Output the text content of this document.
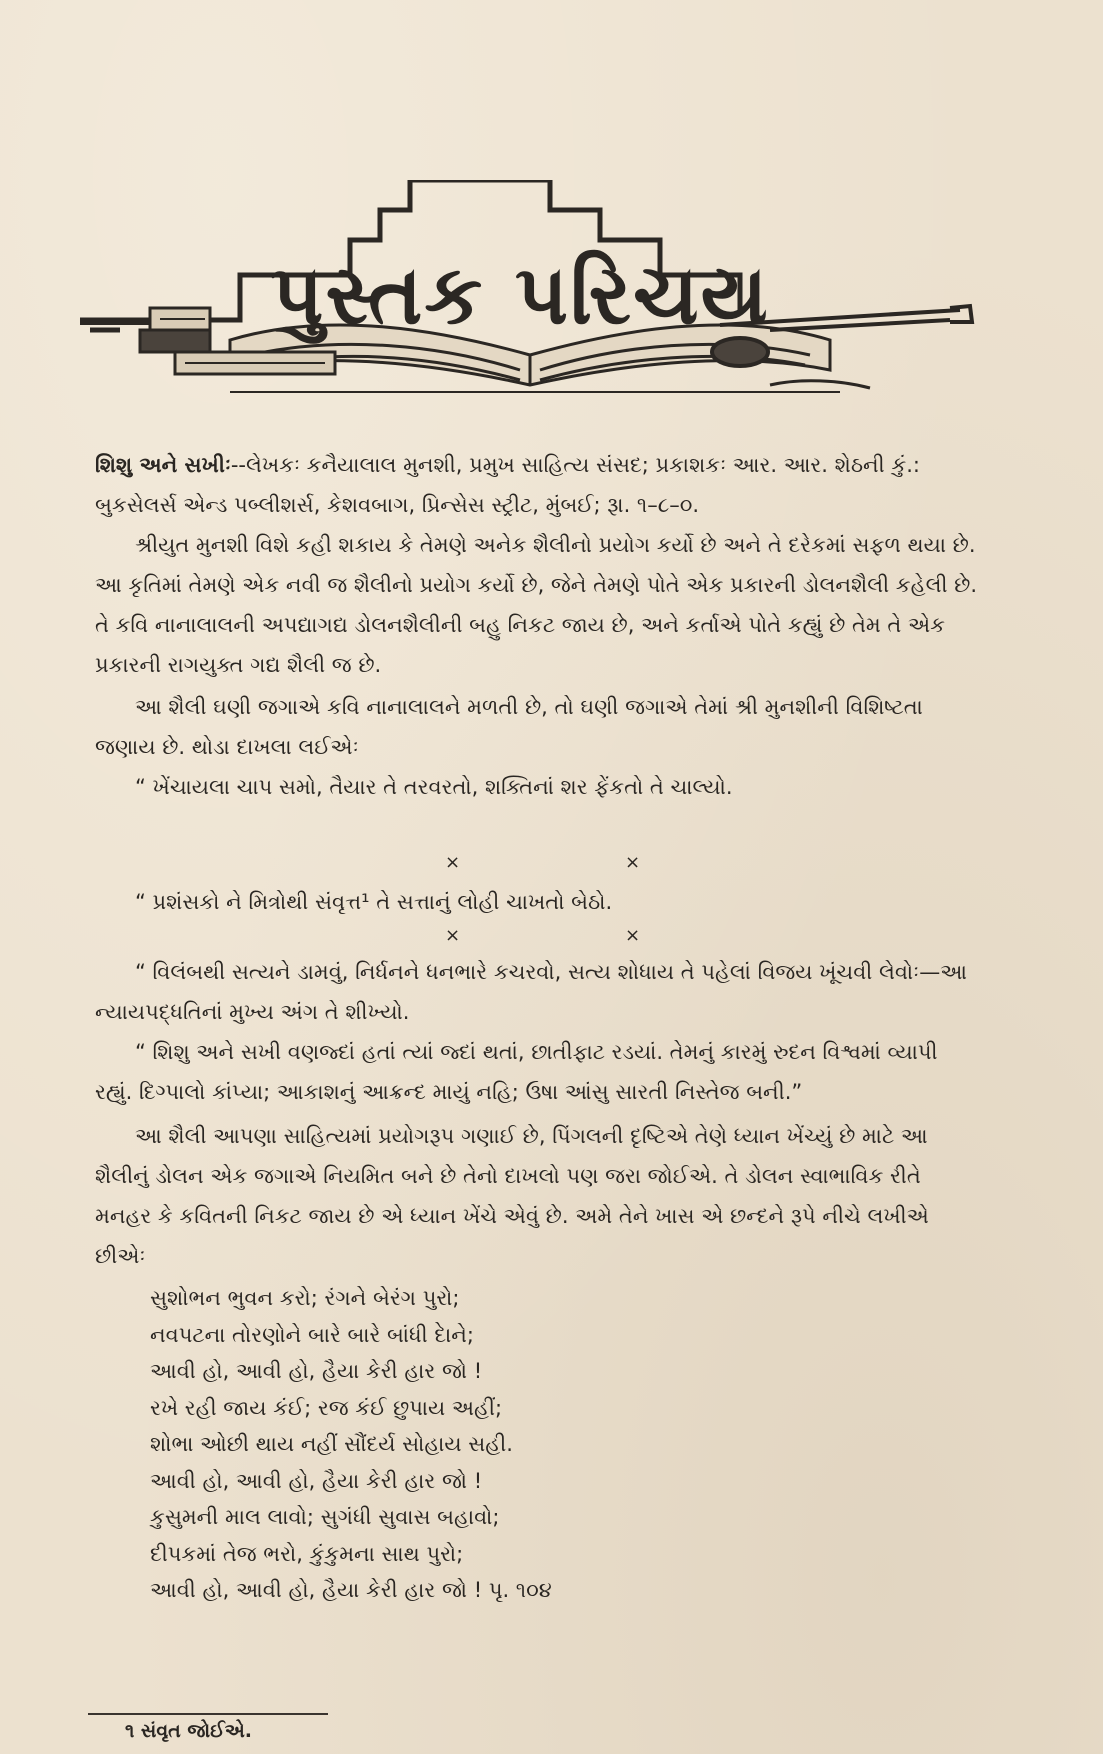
પુસ્તક પરિચય

શિશુ અને સખીઃ--લેખકઃ કનૈયાલાલ મુનશી, પ્રમુખ સાહિત્ય સંસદ; પ્રકાશકઃ આર. આર. શેઠની કું.: બુકસેલર્સ એન્ડ પબ્લીશર્સ, કેશવબાગ, પ્રિન્સેસ સ્ટ્રીટ, મુંબઈ; રૂા. ૧–૮–૦.

શ્રીયુત મુનશી વિશે કહી શકાય કે તેમણે અનેક શૈલીનો પ્રયોગ કર્યો છે અને તે દરેકમાં સફળ થયા છે. આ કૃતિમાં તેમણે એક નવી જ શૈલીનો પ્રયોગ કર્યો છે, જેને તેમણે પોતે એક પ્રકારની ડોલનશૈલી કહેલી છે. તે કવિ નાનાલાલની અપદ્યાગદ્ય ડોલનશૈલીની બહુ નિકટ જાય છે, અને કર્તાએ પોતે કહ્યું છે તેમ તે એક પ્રકારની રાગયુક્ત ગદ્ય શૈલી જ છે.

આ શૈલી ઘણી જગાએ કવિ નાનાલાલને મળતી છે, તો ઘણી જગાએ તેમાં શ્રી મુનશીની વિશિષ્ટતા જણાય છે. થોડા દાખલા લઈએઃ

“ ખેંચાયલા ચાપ સમો, તૈયાર તે તરવરતો, શક્તિનાં શર ફેંકતો તે ચાલ્યો.

×	×

“ પ્રશંસકો ને મિત્રોથી સંવૃત્ત¹ તે સત્તાનું લોહી ચાખતો બેઠો.

×	×

“ વિલંબથી સત્યને ડામવું, નિર્ધનને ધનભારે કચરવો, સત્ય શોધાય તે પહેલાં વિજય ખૂંચવી લેવોઃ—આ ન્યાયપદ્ધતિનાં મુખ્ય અંગ તે શીખ્યો.

“ શિશુ અને સખી વણજ્દાં હતાં ત્યાં જ્દાં થતાં, છાતીફાટ રડયાં. તેમનું કારમું રુદન વિશ્વમાં વ્યાપી રહ્યું. દિગ્પાલો કાંપ્યા; આકાશનું આક્રન્દ માયું નહિ; ઉષા આંસુ સારતી નિસ્તેજ બની.”

આ શૈલી આપણા સાહિત્યમાં પ્રયોગરૂપ ગણાઈ છે, પિંગલની દૃષ્ટિએ તેણે ધ્યાન ખેંચ્યું છે માટે આ શૈલીનું ડોલન એક જગાએ નિયમિત બને છે તેનો દાખલો પણ જરા જોઈએ. તે ડોલન સ્વાભાવિક રીતે મનહર કે કવિતની નિકટ જાય છે એ ધ્યાન ખેંચે એવું છે. અમે તેને ખાસ એ છન્દને રૂપે નીચે લખીએ છીએઃ

સુશોભન ભુવન કરો; રંગને બેરંગ પુરો;
નવપટના તોરણોને બારે બારે બાંધી દેાને;
આવી હો, આવી હો, હૈયા કેરી હાર જો !
રખે રહી જાય કંઈ; રજ કંઈ છુપાય અહીં;
શોભા ઓછી થાય નહીં સૌંદર્ય સોહાય સહી.
આવી હો, આવી હો, હૈયા કેરી હાર જો !
કુસુમની માલ લાવો; સુગંધી સુવાસ બહાવો;
દીપકમાં તેજ ભરો, કુંકુમના સાથ પુરો;
આવી હો, આવી હો, હૈયા કેરી હાર જો ! પૃ. ૧૦૪
૧ સંવૃત જોઈએ.
